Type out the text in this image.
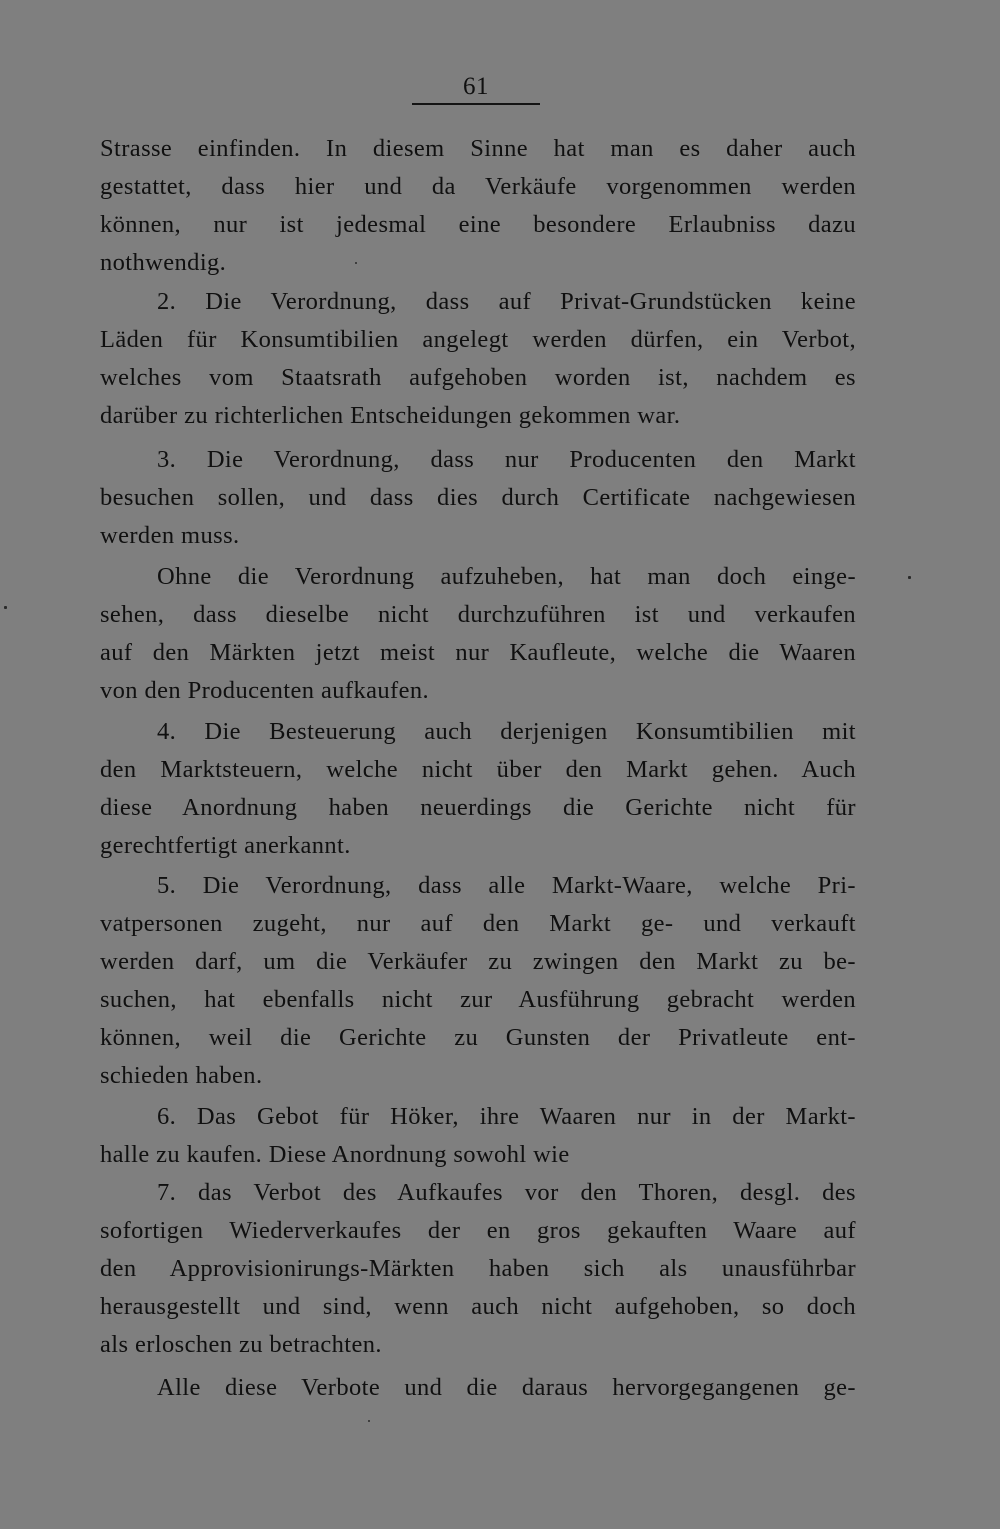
61
Strasse einfinden. In diesem Sinne hat man es daher auch
gestattet, dass hier und da Verkäufe vorgenommen werden
können, nur ist jedesmal eine besondere Erlaubniss dazu
nothwendig.
2. Die Verordnung, dass auf Privat-Grundstücken keine
Läden für Konsumtibilien angelegt werden dürfen, ein Verbot,
welches vom Staatsrath aufgehoben worden ist, nachdem es
darüber zu richterlichen Entscheidungen gekommen war.
3. Die Verordnung, dass nur Producenten den Markt
besuchen sollen, und dass dies durch Certificate nachgewiesen
werden muss.
Ohne die Verordnung aufzuheben, hat man doch einge-
sehen, dass dieselbe nicht durchzuführen ist und verkaufen
auf den Märkten jetzt meist nur Kaufleute, welche die Waaren
von den Producenten aufkaufen.
4. Die Besteuerung auch derjenigen Konsumtibilien mit
den Marktsteuern, welche nicht über den Markt gehen. Auch
diese Anordnung haben neuerdings die Gerichte nicht für
gerechtfertigt anerkannt.
5. Die Verordnung, dass alle Markt-Waare, welche Pri-
vatpersonen zugeht, nur auf den Markt ge- und verkauft
werden darf, um die Verkäufer zu zwingen den Markt zu be-
suchen, hat ebenfalls nicht zur Ausführung gebracht werden
können, weil die Gerichte zu Gunsten der Privatleute ent-
schieden haben.
6. Das Gebot für Höker, ihre Waaren nur in der Markt-
halle zu kaufen. Diese Anordnung sowohl wie
7. das Verbot des Aufkaufes vor den Thoren, desgl. des
sofortigen Wiederverkaufes der en gros gekauften Waare auf
den Approvisionirungs-Märkten haben sich als unausführbar
herausgestellt und sind, wenn auch nicht aufgehoben, so doch
als erloschen zu betrachten.
Alle diese Verbote und die daraus hervorgegangenen ge-
